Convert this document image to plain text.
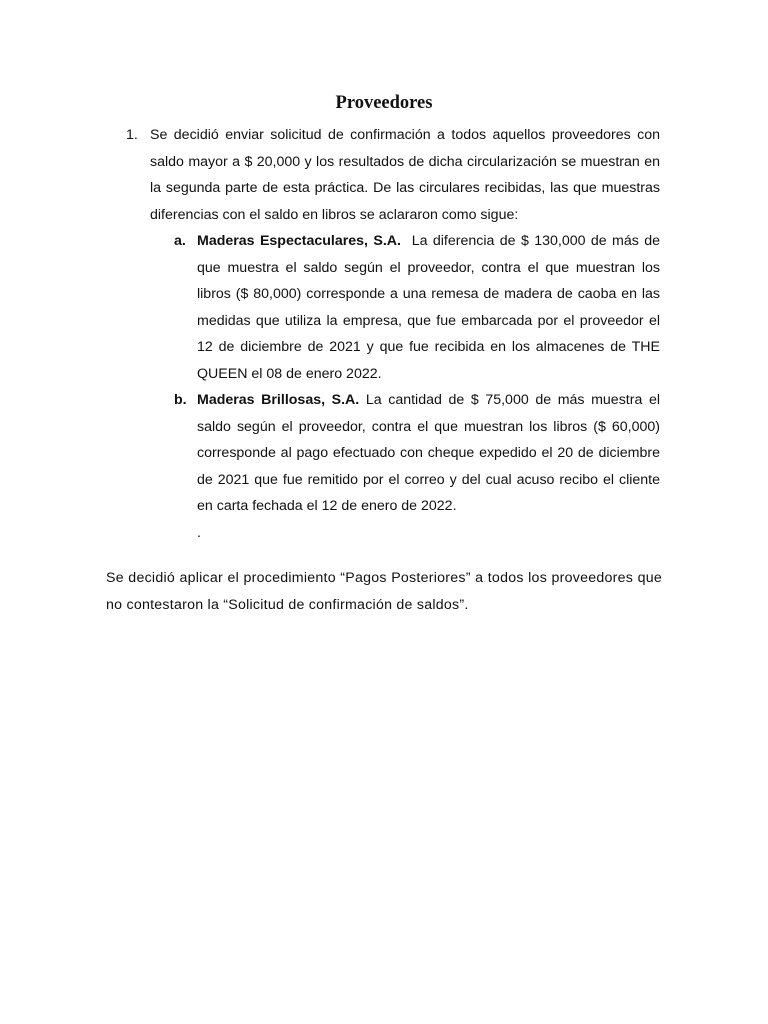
Proveedores
1. Se decidió enviar solicitud de confirmación a todos aquellos proveedores con saldo mayor a $ 20,000 y los resultados de dicha circularización se muestran en la segunda parte de esta práctica. De las circulares recibidas, las que muestras diferencias con el saldo en libros se aclararon como sigue:

a. Maderas Espectaculares, S.A. La diferencia de $ 130,000 de más de que muestra el saldo según el proveedor, contra el que muestran los libros ($ 80,000) corresponde a una remesa de madera de caoba en las medidas que utiliza la empresa, que fue embarcada por el proveedor el 12 de diciembre de 2021 y que fue recibida en los almacenes de THE QUEEN el 08 de enero 2022.
b. Maderas Brillosas, S.A. La cantidad de $ 75,000 de más muestra el saldo según el proveedor, contra el que muestran los libros ($ 60,000) corresponde al pago efectuado con cheque expedido el 20 de diciembre de 2021 que fue remitido por el correo y del cual acuso recibo el cliente en carta fechada el 12 de enero de 2022.
.

Se decidió aplicar el procedimiento “Pagos Posteriores” a todos los proveedores que no contestaron la “Solicitud de confirmación de saldos”.
